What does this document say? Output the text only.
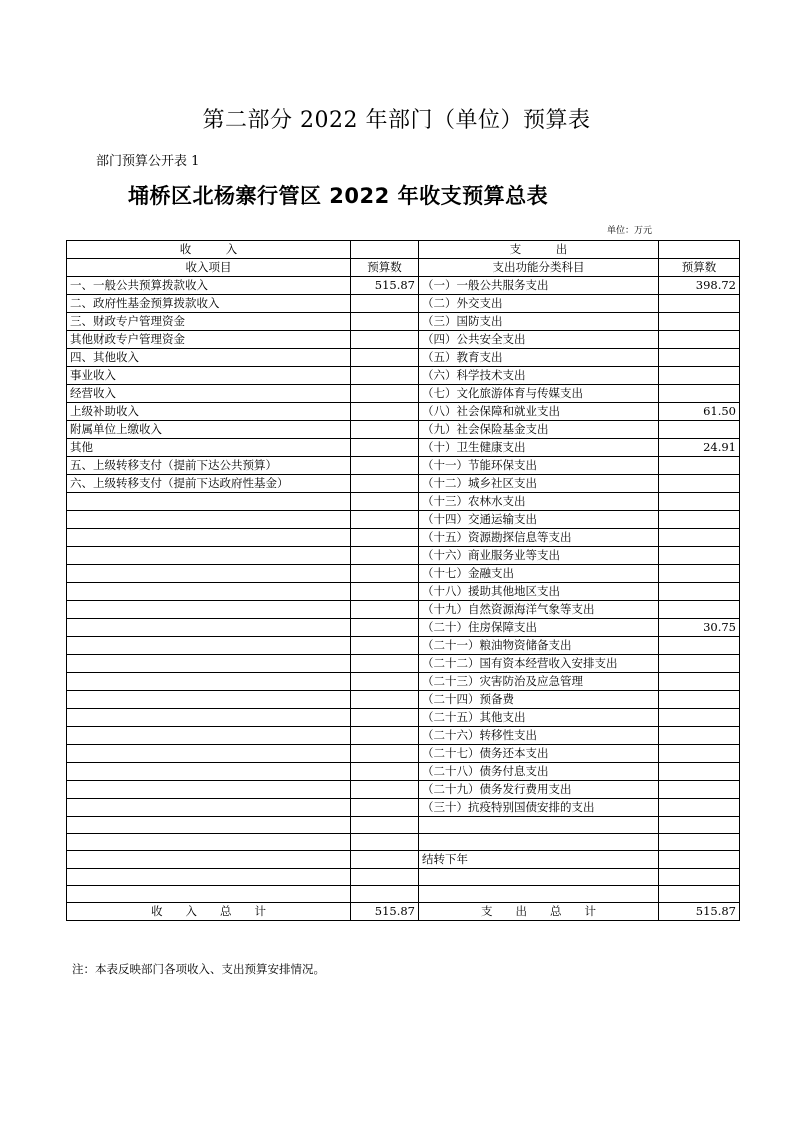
第二部分 2022 年部门（单位）预算表
部门预算公开表 1
埇桥区北杨寨行管区 2022 年收支预算总表
单位：万元
收　　　入		支　　　出	
收入项目	预算数	支出功能分类科目	预算数
一、一般公共预算拨款收入	515.87	（一）一般公共服务支出	398.72
二、政府性基金预算拨款收入		（二）外交支出	
三、财政专户管理资金		（三）国防支出	
其他财政专户管理资金		（四）公共安全支出	
四、其他收入		（五）教育支出	
事业收入		（六）科学技术支出	
经营收入		（七）文化旅游体育与传媒支出	
上级补助收入		（八）社会保障和就业支出	61.50
附属单位上缴收入		（九）社会保险基金支出	
其他		（十）卫生健康支出	24.91
五、上级转移支付（提前下达公共预算）		（十一）节能环保支出	
六、上级转移支付（提前下达政府性基金）		（十二）城乡社区支出	
		（十三）农林水支出	
		（十四）交通运输支出	
		（十五）资源勘探信息等支出	
		（十六）商业服务业等支出	
		（十七）金融支出	
		（十八）援助其他地区支出	
		（十九）自然资源海洋气象等支出	
		（二十）住房保障支出	30.75
		（二十一）粮油物资储备支出	
		（二十二）国有资本经营收入安排支出	
		（二十三）灾害防治及应急管理	
		（二十四）预备费	
		（二十五）其他支出	
		（二十六）转移性支出	
		（二十七）债务还本支出	
		（二十八）债务付息支出	
		（二十九）债务发行费用支出	
		（三十）抗疫特别国债安排的支出	

		结转下年	

收　　入　　总　　计	515.87	支　　出　　总　　计	515.87
注：本表反映部门各项收入、支出预算安排情况。
